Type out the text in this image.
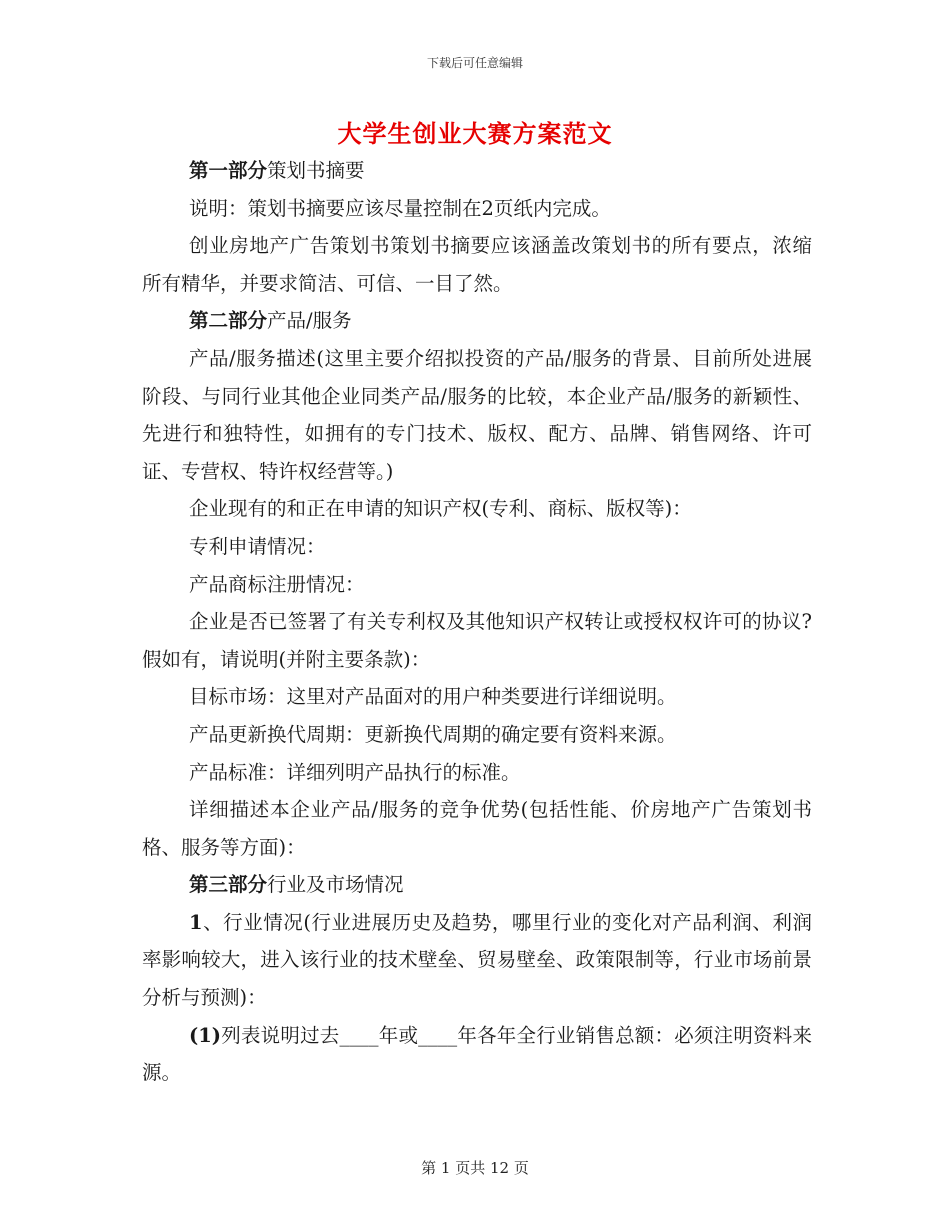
下载后可任意编辑
大学生创业大赛方案范文

第一部分策划书摘要

说明：策划书摘要应该尽量控制在2页纸内完成。

创业房地产广告策划书策划书摘要应该涵盖改策划书的所有要点，浓缩所有精华，并要求简洁、可信、一目了然。

第二部分产品/服务

产品/服务描述(这里主要介绍拟投资的产品/服务的背景、目前所处进展阶段、与同行业其他企业同类产品/服务的比较，本企业产品/服务的新颖性、先进行和独特性，如拥有的专门技术、版权、配方、品牌、销售网络、许可证、专营权、特许权经营等。)

企业现有的和正在申请的知识产权(专利、商标、版权等)：

专利申请情况：

产品商标注册情况：

企业是否已签署了有关专利权及其他知识产权转让或授权权许可的协议?假如有，请说明(并附主要条款)：

目标市场：这里对产品面对的用户种类要进行详细说明。

产品更新换代周期：更新换代周期的确定要有资料来源。

产品标准：详细列明产品执行的标准。

详细描述本企业产品/服务的竞争优势(包括性能、价房地产广告策划书格、服务等方面)：

第三部分行业及市场情况

1、行业情况(行业进展历史及趋势，哪里行业的变化对产品利润、利润率影响较大，进入该行业的技术壁垒、贸易壁垒、政策限制等，行业市场前景分析与预测)：

(1)列表说明过去____年或____年各年全行业销售总额：必须注明资料来源。

第 1 页共 12 页
